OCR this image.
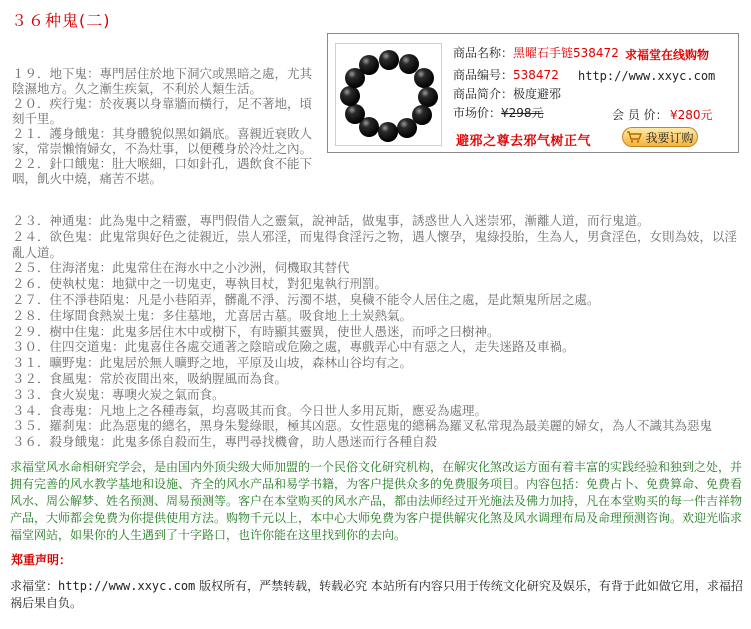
３６种鬼(二)

１９．地下鬼：專門居住於地下洞穴或黑暗之處，尤其陰濕地方。久之漸生疾氣，不利於人類生活。

２０．疾行鬼：於夜裏以身靠牆而橫行，足不著地，頃刻千里。

２１．護身餓鬼：其身體貌似黑如鍋底。喜親近衰敗人家，常崇懶惰婦女，不為灶事，以便穫身於冷灶之內。

２２．針口餓鬼：肚大喉細，口如針孔，遇飲食不能下咽，飢火中燒，痛苦不堪。

商品名称：黑曜石手链538472 求福堂在线购物
商品编号：538472 http://www.xxyc.com
商品简介：极度避邪
市场价：¥298元	会 员 价： ¥280元
避邪之尊去邪气树正气	我要订购

２３．神通鬼：此為鬼中之精靈，專門假借人之靈氣，說神話，做鬼事，誘惑世人入迷崇邪，漸離人道，而行鬼道。

２４．欲色鬼：此鬼常與好色之徒親近，祟人邪淫，而鬼得食淫污之物，遇人懷孕，鬼綠投胎，生為人，男貪淫色，女則為妓，以淫亂人道。

２５．住海渚鬼：此鬼常住在海水中之小沙洲，伺機取其替代

２６．使執杖鬼：地獄中之一切鬼吏，專執目杖，對犯鬼執行刑罰。

２７．住不淨巷陌鬼：凡是小巷陌弄，髒亂不淨、污濁不堪，臭穢不能令人居住之處，是此類鬼所居之處。

２８．住塚間食熱炭土鬼：多住墓地，尤喜居古墓。吸食地上土炭熱氣。

２９．樹中住鬼：此鬼多居住木中或樹下，有時顯其靈異，使世人愚迷，而呼之曰樹神。

３０．住四交道鬼：此鬼喜住各處交通著之陰暗或危險之處，專戲弄心中有惡之人，走失迷路及車禍。

３１．曠野鬼：此鬼居於無人曠野之地，平原及山坡，森林山谷均有之。

３２．食風鬼：常於夜間出來，吸納腥風而為食。

３３．食火炭鬼：專噢火炭之氣而食。

３４．食毒鬼：凡地上之各種毒氣，均喜吸其而食。今日世人多用瓦斯，應妥為處理。

３５．羅刹鬼：此為惡鬼的總名，黑身朱髮綠眼，極其凶惡。女性惡鬼的總稱為羅叉私常現為最美麗的婦女，為人不識其為惡鬼

３６．殺身餓鬼：此鬼多係自殺而生，專門尋找機會，助人愚迷而行各種自殺

求福堂风水命相研究学会，是由国内外顶尖级大师加盟的一个民俗文化研究机构，在解灾化煞改运方面有着丰富的实践经验和独到之处，并拥有完善的风水教学基地和设施、齐全的风水产品和易学书籍，为客户提供众多的免费服务项目。内容包括：免费占卜、免费算命、免费看风水、周公解梦、姓名预测、周易预测等。客户在本堂购买的风水产品，都由法师经过开光施法及佛力加持，凡在本堂购买的每一件吉祥物产品，大师都会免费为你提供使用方法。购物千元以上，本中心大师免费为客户提供解灾化煞及风水调理布局及命理预测咨询。欢迎光临求福堂网站，如果你的人生遇到了十字路口，也许你能在这里找到你的去向。
郑重声明：
求福堂：http://www.xxyc.com 版权所有，严禁转载，转载必究 本站所有内容只用于传统文化研究及娱乐，有背于此如做它用，求福招祸后果自负。
